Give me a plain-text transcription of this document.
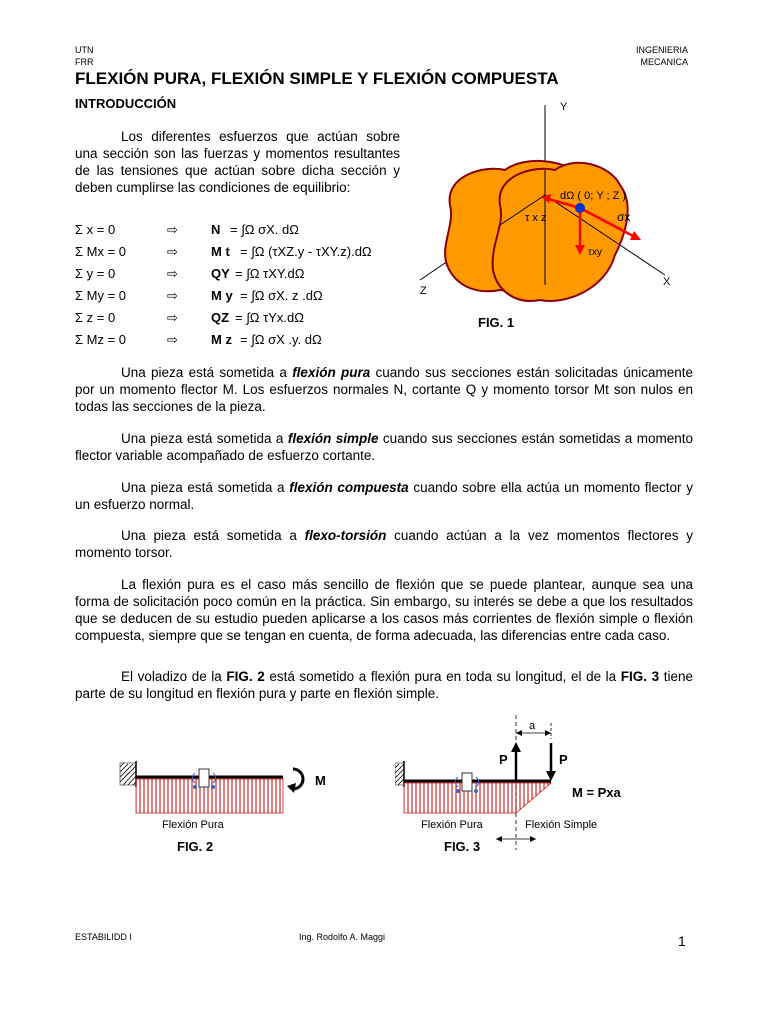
UTN
FRR
INGENIERIA
MECANICA
FLEXIÓN PURA, FLEXIÓN SIMPLE Y FLEXIÓN COMPUESTA
INTRODUCCIÓN
Los diferentes esfuerzos que actúan sobre una sección son las fuerzas y momentos resultantes de las tensiones que actúan sobre dicha sección y deben cumplirse las condiciones de equilibrio:
Σ x = 0	⇨	N = ∫Ω σX. dΩ
Σ Mx = 0	⇨	M t = ∫Ω (τXZ.y - τXY.z).dΩ
Σ y = 0	⇨	QY = ∫Ω τXY.dΩ
Σ My = 0	⇨	M y = ∫Ω σX. z .dΩ
Σ z = 0	⇨	QZ = ∫Ω τYx.dΩ
Σ Mz = 0	⇨	M z = ∫Ω σX .y. dΩ
Y
X
Z
dΩ ( 0; Y ; Z )
τ x z	σx
τxy
FIG. 1
Una pieza está sometida a flexión pura cuando sus secciones están solicitadas únicamente por un momento flector M. Los esfuerzos normales N, cortante Q y momento torsor Mt son nulos en todas las secciones de la pieza.
Una pieza está sometida a flexión simple cuando sus secciones están sometidas a momento flector variable acompañado de esfuerzo cortante.
Una pieza está sometida a flexión compuesta cuando sobre ella actúa un momento flector y un esfuerzo normal.
Una pieza está sometida a flexo-torsión cuando actúan a la vez momentos flectores y momento torsor.
La flexión pura es el caso más sencillo de flexión que se puede plantear, aunque sea una forma de solicitación poco común en la práctica. Sin embargo, su interés se debe a que los resultados que se deducen de su estudio pueden aplicarse a los casos más corrientes de flexión simple o flexión compuesta, siempre que se tengan en cuenta, de forma adecuada, las diferencias entre cada caso.
El voladizo de la FIG. 2 está sometido a flexión pura en toda su longitud, el de la FIG. 3 tiene parte de su longitud en flexión pura y parte en flexión simple.
M
Flexión Pura
FIG. 2
a
P	P
M = Pxa
Flexión Pura	Flexión Simple
FIG. 3
ESTABILIDD I	Ing. Rodolfo A. Maggi	1
